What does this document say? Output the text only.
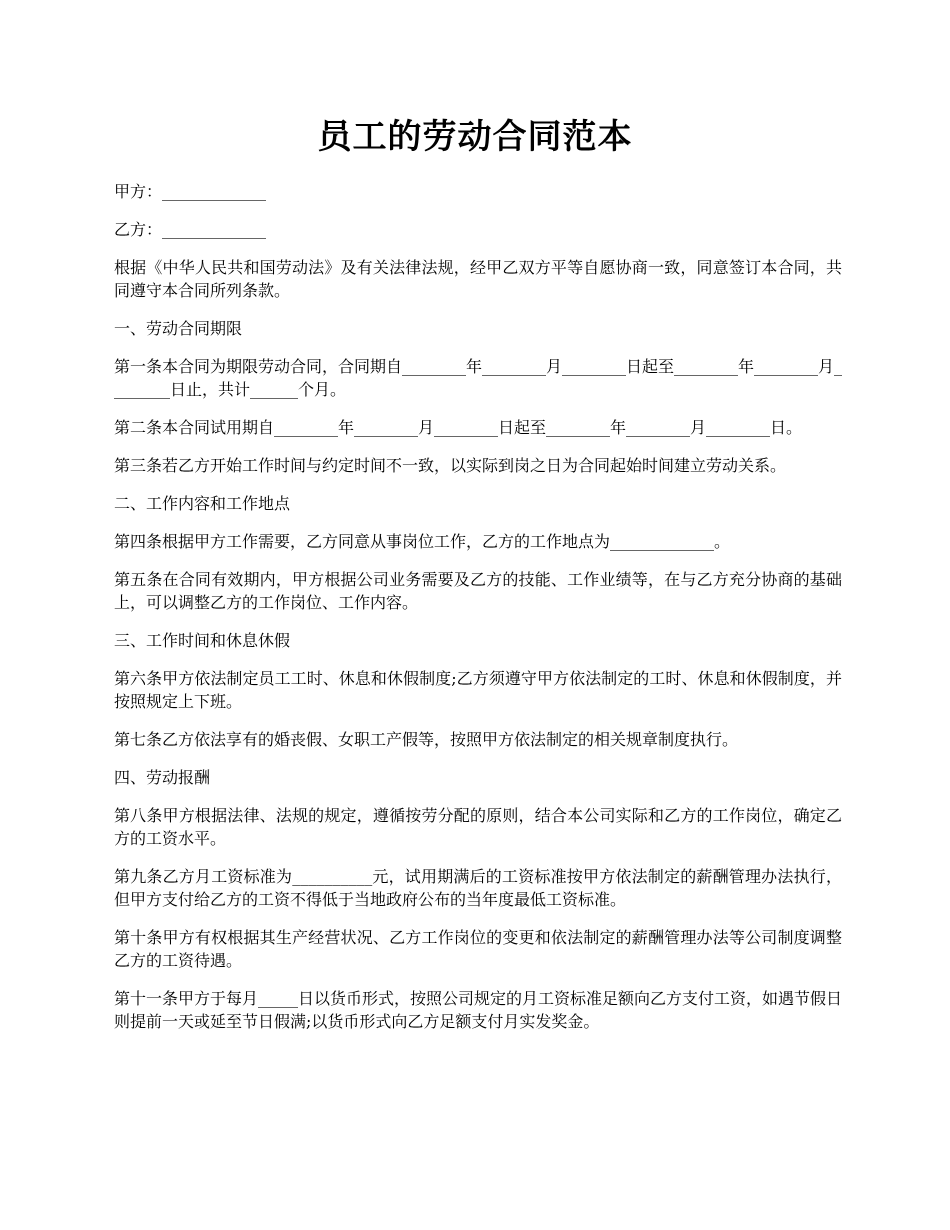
员工的劳动合同范本

甲方：_____________

乙方：_____________

根据《中华人民共和国劳动法》及有关法律法规，经甲乙双方平等自愿协商一致，同意签订本合同，共同遵守本合同所列条款。

一、劳动合同期限

第一条本合同为期限劳动合同，合同期自________年________月________日起至________年________月________日止，共计______个月。

第二条本合同试用期自________年________月________日起至________年________月________日。

第三条若乙方开始工作时间与约定时间不一致，以实际到岗之日为合同起始时间建立劳动关系。

二、工作内容和工作地点

第四条根据甲方工作需要，乙方同意从事岗位工作，乙方的工作地点为_____________。

第五条在合同有效期内，甲方根据公司业务需要及乙方的技能、工作业绩等，在与乙方充分协商的基础上，可以调整乙方的工作岗位、工作内容。

三、工作时间和休息休假

第六条甲方依法制定员工工时、休息和休假制度;乙方须遵守甲方依法制定的工时、休息和休假制度，并按照规定上下班。

第七条乙方依法享有的婚丧假、女职工产假等，按照甲方依法制定的相关规章制度执行。

四、劳动报酬

第八条甲方根据法律、法规的规定，遵循按劳分配的原则，结合本公司实际和乙方的工作岗位，确定乙方的工资水平。

第九条乙方月工资标准为__________元，试用期满后的工资标准按甲方依法制定的薪酬管理办法执行，但甲方支付给乙方的工资不得低于当地政府公布的当年度最低工资标准。

第十条甲方有权根据其生产经营状况、乙方工作岗位的变更和依法制定的薪酬管理办法等公司制度调整乙方的工资待遇。

第十一条甲方于每月_____日以货币形式，按照公司规定的月工资标准足额向乙方支付工资，如遇节假日则提前一天或延至节日假满;以货币形式向乙方足额支付月实发奖金。
